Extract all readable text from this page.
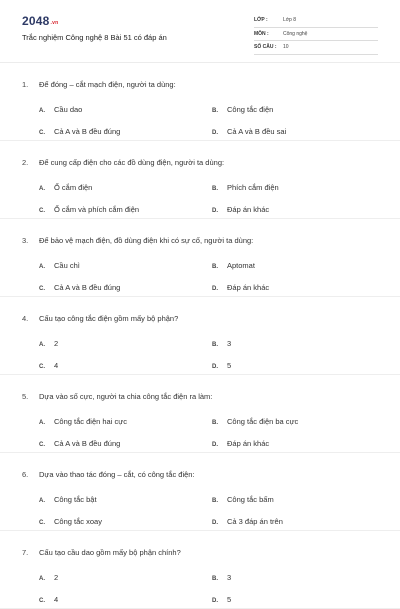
$2048^{.vn}$
Trắc nghiệm Công nghệ 8 Bài 51 có đáp án
LỚP :	Lớp 8
MÔN :	Công nghệ
SỐ CÂU : 10
1. Để đóng – cắt mạch điện, người ta dùng:
A. Cầu dao	B. Công tắc điện
C. Cả A và B đều đúng	D. Cả A và B đều sai
2. Để cung cấp điện cho các đồ dùng điện, người ta dùng:
A. Ổ cắm điện	B. Phích cắm điện
C. Ổ cắm và phích cắm điện	D. Đáp án khác
3. Để bảo vệ mạch điện, đồ dùng điện khi có sự cố, người ta dùng:
A. Cầu chì	B. Aptomat
C. Cả A và B đều đúng	D. Đáp án khác
4. Cấu tạo công tắc điện gồm mấy bộ phận?
A. 2	B. 3
C. 4	D. 5
5. Dựa vào số cực, người ta chia công tắc điện ra làm:
A. Công tắc điện hai cực	B. Công tắc điện ba cực
C. Cả A và B đều đúng	D. Đáp án khác
6. Dựa vào thao tác đóng – cắt, có công tắc điện:
A. Công tắc bật	B. Công tắc bấm
C. Công tắc xoay	D. Cả 3 đáp án trên
7. Cấu tạo cầu dao gồm mấy bộ phận chính?
A. 2	B. 3
C. 4	D. 5
